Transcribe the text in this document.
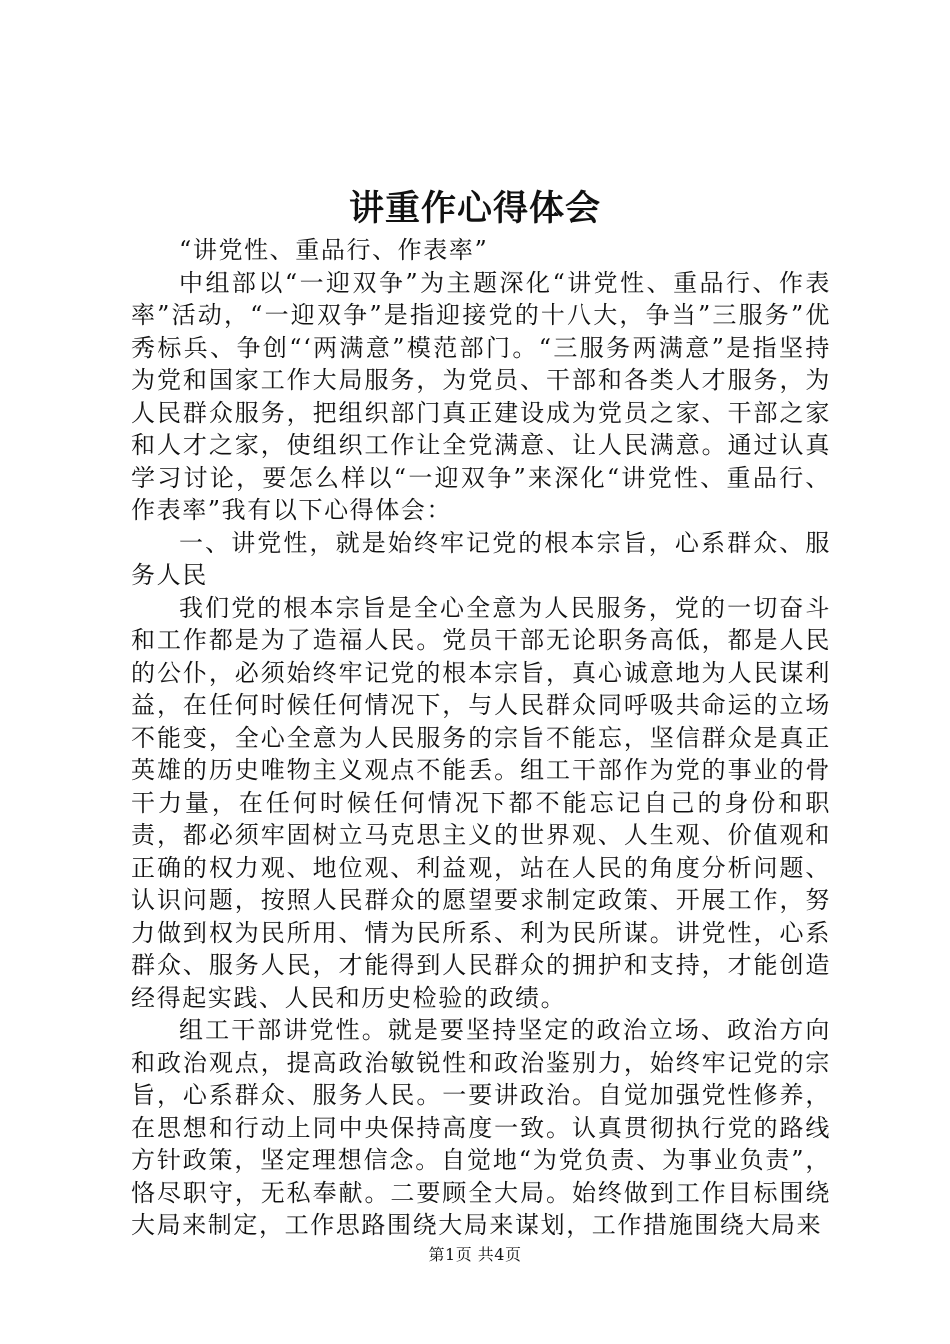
讲重作心得体会

“讲党性、重品行、作表率”

中组部以“一迎双争”为主题深化“讲党性、重品行、作表率”活动，“一迎双争”是指迎接党的十八大，争当”三服务”优秀标兵、争创“‘两满意”模范部门。“三服务两满意”是指坚持为党和国家工作大局服务，为党员、干部和各类人才服务，为人民群众服务，把组织部门真正建设成为党员之家、干部之家和人才之家，使组织工作让全党满意、让人民满意。通过认真学习讨论，要怎么样以“一迎双争”来深化“讲党性、重品行、作表率”我有以下心得体会：

一、讲党性，就是始终牢记党的根本宗旨，心系群众、服务人民

我们党的根本宗旨是全心全意为人民服务，党的一切奋斗和工作都是为了造福人民。党员干部无论职务高低，都是人民的公仆，必须始终牢记党的根本宗旨，真心诚意地为人民谋利益，在任何时候任何情况下，与人民群众同呼吸共命运的立场不能变，全心全意为人民服务的宗旨不能忘，坚信群众是真正英雄的历史唯物主义观点不能丢。组工干部作为党的事业的骨干力量，在任何时候任何情况下都不能忘记自己的身份和职责，都必须牢固树立马克思主义的世界观、人生观、价值观和正确的权力观、地位观、利益观，站在人民的角度分析问题、认识问题，按照人民群众的愿望要求制定政策、开展工作，努力做到权为民所用、情为民所系、利为民所谋。讲党性，心系群众、服务人民，才能得到人民群众的拥护和支持，才能创造经得起实践、人民和历史检验的政绩。

组工干部讲党性。就是要坚持坚定的政治立场、政治方向和政治观点，提高政治敏锐性和政治鉴别力，始终牢记党的宗旨，心系群众、服务人民。一要讲政治。自觉加强党性修养，在思想和行动上同中央保持高度一致。认真贯彻执行党的路线方针政策，坚定理想信念。自觉地“为党负责、为事业负责”，恪尽职守，无私奉献。二要顾全大局。始终做到工作目标围绕大局来制定，工作思路围绕大局来谋划，工作措施围绕大局来

第1页 共4页
